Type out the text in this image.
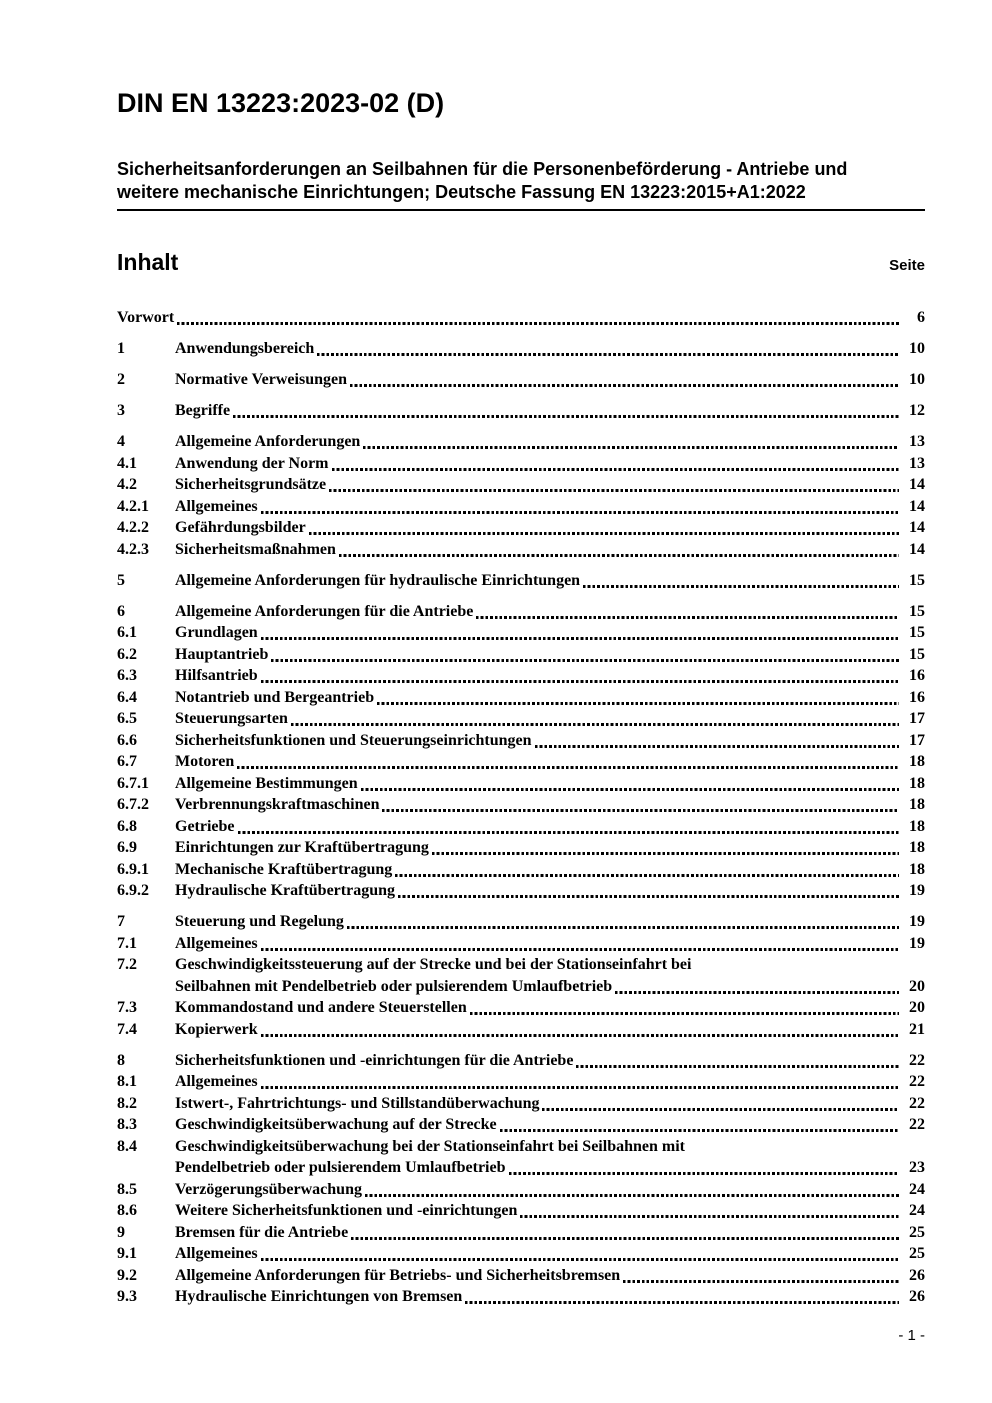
DIN EN 13223:2023-02 (D)
Sicherheitsanforderungen an Seilbahnen für die Personenbeförderung - Antriebe und
weitere mechanische Einrichtungen; Deutsche Fassung EN 13223:2015+A1:2022
Inhalt	Seite
Vorwort	6
1	Anwendungsbereich	10
2	Normative Verweisungen	10
3	Begriffe	12
4	Allgemeine Anforderungen	13
4.1	Anwendung der Norm	13
4.2	Sicherheitsgrundsätze	14
4.2.1	Allgemeines	14
4.2.2	Gefährdungsbilder	14
4.2.3	Sicherheitsmaßnahmen	14
5	Allgemeine Anforderungen für hydraulische Einrichtungen	15
6	Allgemeine Anforderungen für die Antriebe	15
6.1	Grundlagen	15
6.2	Hauptantrieb	15
6.3	Hilfsantrieb	16
6.4	Notantrieb und Bergeantrieb	16
6.5	Steuerungsarten	17
6.6	Sicherheitsfunktionen und Steuerungseinrichtungen	17
6.7	Motoren	18
6.7.1	Allgemeine Bestimmungen	18
6.7.2	Verbrennungskraftmaschinen	18
6.8	Getriebe	18
6.9	Einrichtungen zur Kraftübertragung	18
6.9.1	Mechanische Kraftübertragung	18
6.9.2	Hydraulische Kraftübertragung	19
7	Steuerung und Regelung	19
7.1	Allgemeines	19
7.2	Geschwindigkeitssteuerung auf der Strecke und bei der Stationseinfahrt bei
Seilbahnen mit Pendelbetrieb oder pulsierendem Umlaufbetrieb	20
7.3	Kommandostand und andere Steuerstellen	20
7.4	Kopierwerk	21
8	Sicherheitsfunktionen und -einrichtungen für die Antriebe	22
8.1	Allgemeines	22
8.2	Istwert-, Fahrtrichtungs- und Stillstandüberwachung	22
8.3	Geschwindigkeitsüberwachung auf der Strecke	22
8.4	Geschwindigkeitsüberwachung bei der Stationseinfahrt bei Seilbahnen mit
Pendelbetrieb oder pulsierendem Umlaufbetrieb	23
8.5	Verzögerungsüberwachung	24
8.6	Weitere Sicherheitsfunktionen und -einrichtungen	24
9	Bremsen für die Antriebe	25
9.1	Allgemeines	25
9.2	Allgemeine Anforderungen für Betriebs- und Sicherheitsbremsen	26
9.3	Hydraulische Einrichtungen von Bremsen	26
- 1 -
